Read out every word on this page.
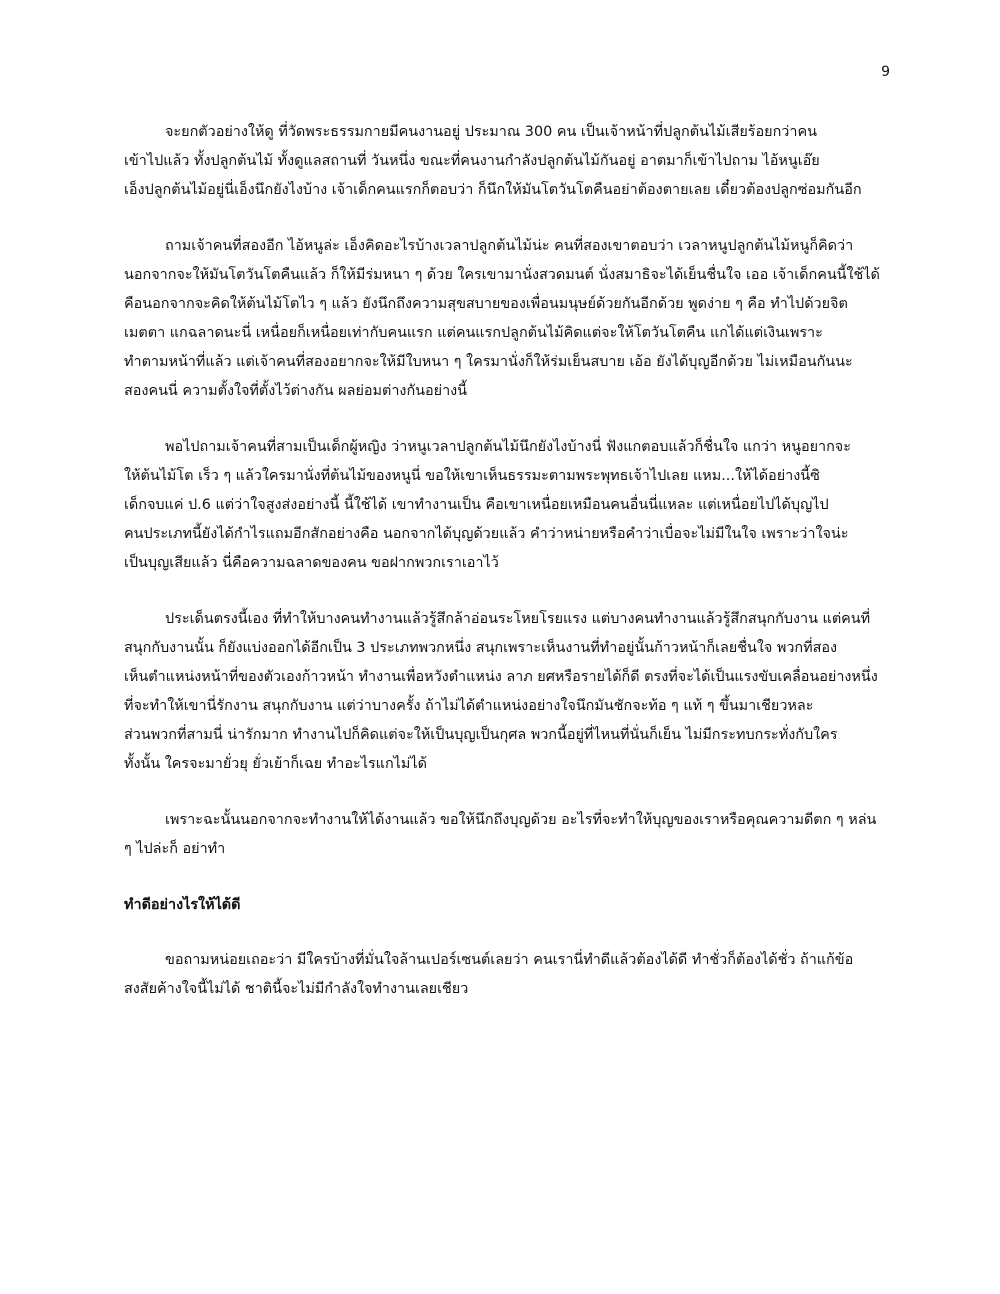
9
จะยกตัวอย่างให้ดู ที่วัดพระธรรมกายมีคนงานอยู่ ประมาณ 300 คน เป็นเจ้าหน้าที่ปลูกต้นไม้เสียร้อยกว่าคน
เข้าไปแล้ว ทั้งปลูกต้นไม้ ทั้งดูแลสถานที่ วันหนึ่ง ขณะที่คนงานกำลังปลูกต้นไม้กันอยู่ อาตมาก็เข้าไปถาม ไอ้หนูเอ๊ย
เอ็งปลูกต้นไม้อยู่นี่เอ็งนึกยังไงบ้าง เจ้าเด็กคนแรกก็ตอบว่า ก็นึกให้มันโตวันโตคืนอย่าต้องตายเลย เดี๋ยวต้องปลูกซ่อมกันอีก
ถามเจ้าคนที่สองอีก ไอ้หนูล่ะ เอ็งคิดอะไรบ้างเวลาปลูกต้นไม้น่ะ คนที่สองเขาตอบว่า เวลาหนูปลูกต้นไม้หนูก็คิดว่า
นอกจากจะให้มันโตวันโตคืนแล้ว ก็ให้มีร่มหนา ๆ ด้วย ใครเขามานั่งสวดมนต์ นั่งสมาธิจะได้เย็นชื่นใจ เออ เจ้าเด็กคนนี้ใช้ได้
คือนอกจากจะคิดให้ต้นไม้โตไว ๆ แล้ว ยังนึกถึงความสุขสบายของเพื่อนมนุษย์ด้วยกันอีกด้วย พูดง่าย ๆ คือ ทำไปด้วยจิต
เมตตา แกฉลาดนะนี่ เหนื่อยก็เหนื่อยเท่ากับคนแรก แต่คนแรกปลูกต้นไม้คิดแต่จะให้โตวันโตคืน แกได้แต่เงินเพราะ
ทำตามหน้าที่แล้ว แต่เจ้าคนที่สองอยากจะให้มีใบหนา ๆ ใครมานั่งก็ให้ร่มเย็นสบาย เอ้อ ยังได้บุญอีกด้วย ไม่เหมือนกันนะ
สองคนนี่ ความตั้งใจที่ตั้งไว้ต่างกัน ผลย่อมต่างกันอย่างนี้
พอไปถามเจ้าคนที่สามเป็นเด็กผู้หญิง ว่าหนูเวลาปลูกต้นไม้นึกยังไงบ้างนี่ ฟังแกตอบแล้วก็ชื่นใจ แกว่า หนูอยากจะ
ให้ต้นไม้โต เร็ว ๆ แล้วใครมานั่งที่ต้นไม้ของหนูนี่ ขอให้เขาเห็นธรรมะตามพระพุทธเจ้าไปเลย แหม...ให้ได้อย่างนี้ซิ
เด็กจบแค่ ป.6 แต่ว่าใจสูงส่งอย่างนี้ นี้ใช้ได้ เขาทำงานเป็น คือเขาเหนื่อยเหมือนคนอื่นนี่แหละ แต่เหนื่อยไปได้บุญไป
คนประเภทนี้ยังได้กำไรแถมอีกสักอย่างคือ นอกจากได้บุญด้วยแล้ว คำว่าหน่ายหรือคำว่าเบื่อจะไม่มีในใจ เพราะว่าใจน่ะ
เป็นบุญเสียแล้ว นี่คือความฉลาดของคน ขอฝากพวกเราเอาไว้
ประเด็นตรงนี้เอง ที่ทำให้บางคนทำงานแล้วรู้สึกล้าอ่อนระโหยโรยแรง แต่บางคนทำงานแล้วรู้สึกสนุกกับงาน แต่คนที่
สนุกกับงานนั้น ก็ยังแบ่งออกได้อีกเป็น 3 ประเภทพวกหนึ่ง สนุกเพราะเห็นงานที่ทำอยู่นั้นก้าวหน้าก็เลยชื่นใจ พวกที่สอง
เห็นตำแหน่งหน้าที่ของตัวเองก้าวหน้า ทำงานเพื่อหวังตำแหน่ง ลาภ ยศหรือรายได้ก็ดี ตรงที่จะได้เป็นแรงขับเคลื่อนอย่างหนึ่ง
ที่จะทำให้เขานี่รักงาน สนุกกับงาน แต่ว่าบางครั้ง ถ้าไม่ได้ตำแหน่งอย่างใจนึกมันชักจะท้อ ๆ แท้ ๆ ขึ้นมาเชียวหละ
ส่วนพวกที่สามนี่ น่ารักมาก ทำงานไปก็คิดแต่จะให้เป็นบุญเป็นกุศล พวกนี้อยู่ที่ไหนที่นั่นก็เย็น ไม่มีกระทบกระทั่งกับใคร
ทั้งนั้น ใครจะมายั่วยุ ยั่วเย้าก็เฉย ทำอะไรแกไม่ได้
เพราะฉะนั้นนอกจากจะทำงานให้ได้งานแล้ว ขอให้นึกถึงบุญด้วย อะไรที่จะทำให้บุญของเราหรือคุณความดีตก ๆ หล่น
ๆ ไปล่ะก็ อย่าทำ
ทำดีอย่างไรให้ได้ดี
ขอถามหน่อยเถอะว่า มีใครบ้างที่มั่นใจล้านเปอร์เซนต์เลยว่า คนเรานี่ทำดีแล้วต้องได้ดี ทำชั่วก็ต้องได้ชั่ว ถ้าแก้ข้อ
สงสัยค้างใจนี้ไม่ได้ ชาตินี้จะไม่มีกำลังใจทำงานเลยเชียว
